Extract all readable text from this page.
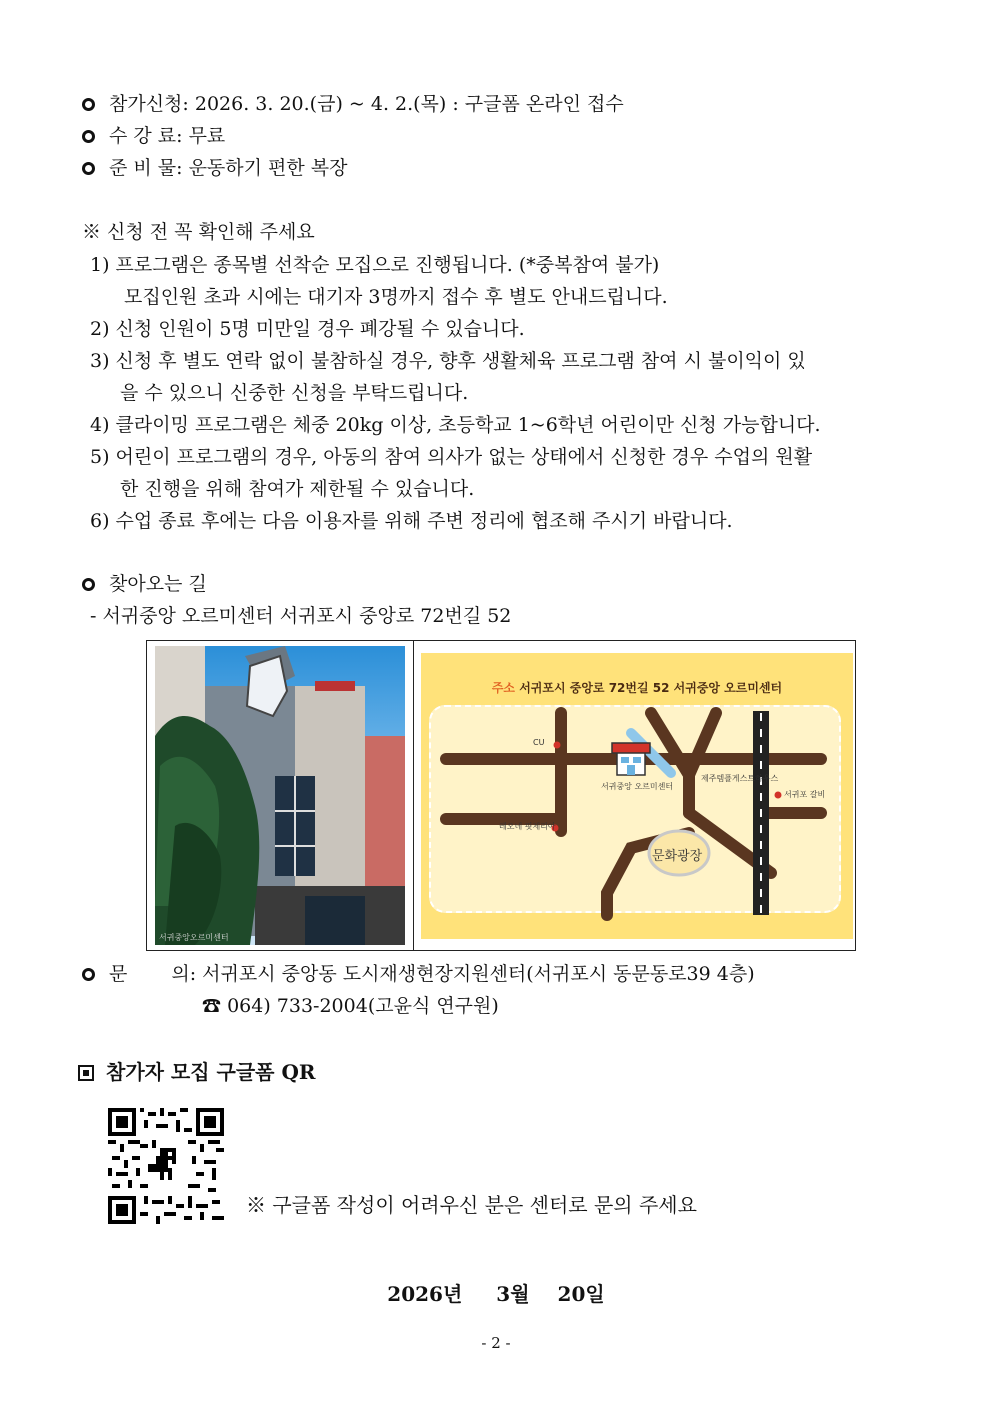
참가신청: 2026. 3. 20.(금) ~ 4. 2.(목) : 구글폼 온라인 접수
수 강 료: 무료
준 비 물: 운동하기 편한 복장
※ 신청 전 꼭 확인해 주세요
1) 프로그램은 종목별 선착순 모집으로 진행됩니다. (*중복참여 불가)
모집인원 초과 시에는 대기자 3명까지 접수 후 별도 안내드립니다.
2) 신청 인원이 5명 미만일 경우 폐강될 수 있습니다.
3) 신청 후 별도 연락 없이 불참하실 경우, 향후 생활체육 프로그램 참여 시 불이익이 있
을 수 있으니 신중한 신청을 부탁드립니다.
4) 클라이밍 프로그램은 체중 20kg 이상, 초등학교 1~6학년 어린이만 신청 가능합니다.
5) 어린이 프로그램의 경우, 아동의 참여 의사가 없는 상태에서 신청한 경우 수업의 원활
한 진행을 위해 참여가 제한될 수 있습니다.
6) 수업 종료 후에는 다음 이용자를 위해 주변 정리에 협조해 주시기 바랍니다.
찾아오는 길
- 서귀중앙 오르미센터 서귀포시 중앙로 72번길 52
서귀중앙오르미센터
주소 서귀포시 중앙로 72번길 52 서귀중앙 오르미센터
CU
서귀중앙 오르미센터
제주템플게스트하우스
서귀포 갈비
레오네 핏제리아
문화광장
문 의: 서귀포시 중앙동 도시재생현장지원센터(서귀포시 동문동로39 4층)
☎ 064) 733-2004(고윤식 연구원)
참가자 모집 구글폼 QR
※ 구글폼 작성이 어려우신 분은 센터로 문의 주세요
2026년 3월 20일
- 2 -
